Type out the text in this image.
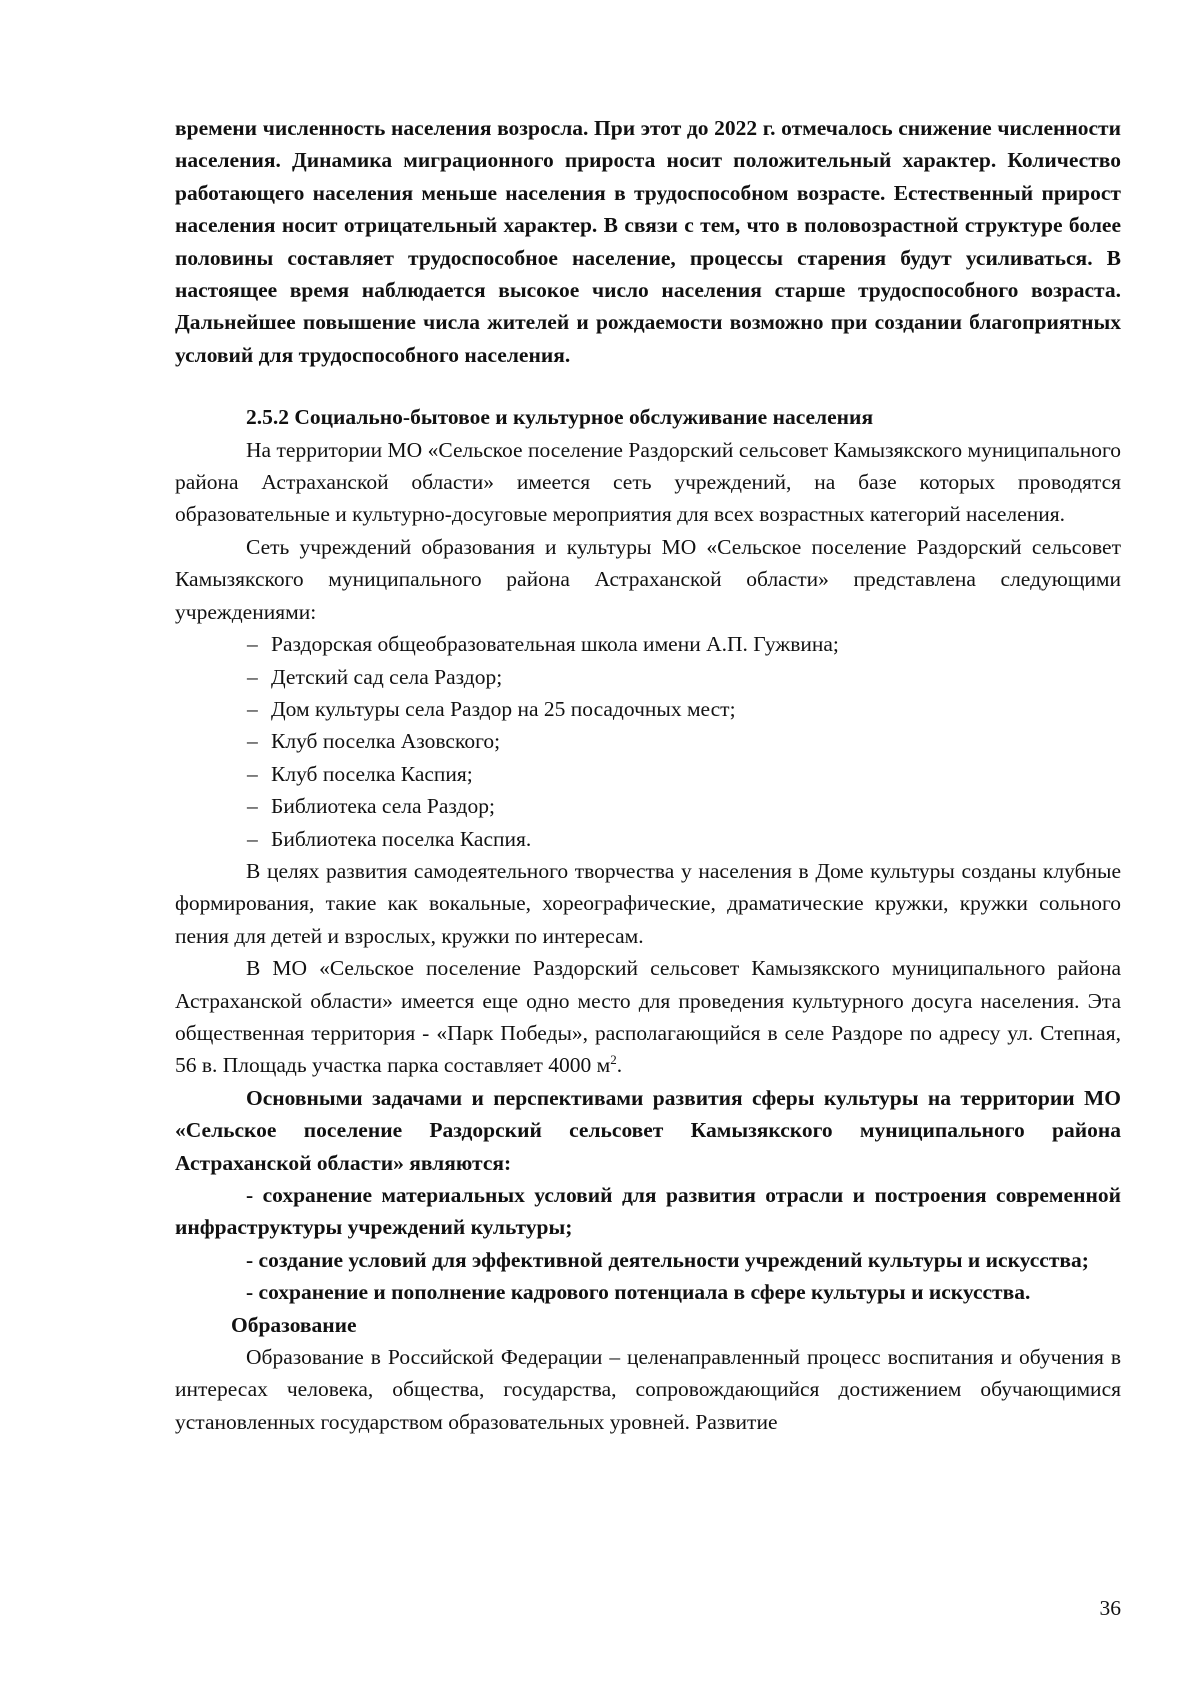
времени численность населения возросла. При этот до 2022 г. отмечалось снижение численности населения. Динамика миграционного прироста носит положительный характер. Количество работающего населения меньше населения в трудоспособном возрасте. Естественный прирост населения носит отрицательный характер. В связи с тем, что в половозрастной структуре более половины составляет трудоспособное население, процессы старения будут усиливаться. В настоящее время наблюдается высокое число населения старше трудоспособного возраста. Дальнейшее повышение числа жителей и рождаемости возможно при создании благоприятных условий для трудоспособного населения.

2.5.2 Социально-бытовое и культурное обслуживание населения

На территории МО «Сельское поселение Раздорский сельсовет Камызякского муниципального района Астраханской области» имеется сеть учреждений, на базе которых проводятся образовательные и культурно-досуговые мероприятия для всех возрастных категорий населения.

Сеть учреждений образования и культуры МО «Сельское поселение Раздорский сельсовет Камызякского муниципального района Астраханской области» представлена следующими учреждениями:

– Раздорская общеобразовательная школа имени А.П. Гужвина;
– Детский сад села Раздор;
– Дом культуры села Раздор на 25 посадочных мест;
– Клуб поселка Азовского;
– Клуб поселка Каспия;
– Библиотека села Раздор;
– Библиотека поселка Каспия.

В целях развития самодеятельного творчества у населения в Доме культуры созданы клубные формирования, такие как вокальные, хореографические, драматические кружки, кружки сольного пения для детей и взрослых, кружки по интересам.

В МО «Сельское поселение Раздорский сельсовет Камызякского муниципального района Астраханской области» имеется еще одно место для проведения культурного досуга населения. Эта общественная территория - «Парк Победы», располагающийся в селе Раздоре по адресу ул. Степная, 56 в. Площадь участка парка составляет 4000 $м^2$.

Основными задачами и перспективами развития сферы культуры на территории МО «Сельское поселение Раздорский сельсовет Камызякского муниципального района Астраханской области» являются:

- сохранение материальных условий для развития отрасли и построения современной инфраструктуры учреждений культуры;

- создание условий для эффективной деятельности учреждений культуры и искусства;

- сохранение и пополнение кадрового потенциала в сфере культуры и искусства.

Образование

Образование в Российской Федерации – целенаправленный процесс воспитания и обучения в интересах человека, общества, государства, сопровождающийся достижением обучающимися установленных государством образовательных уровней. Развитие

36
